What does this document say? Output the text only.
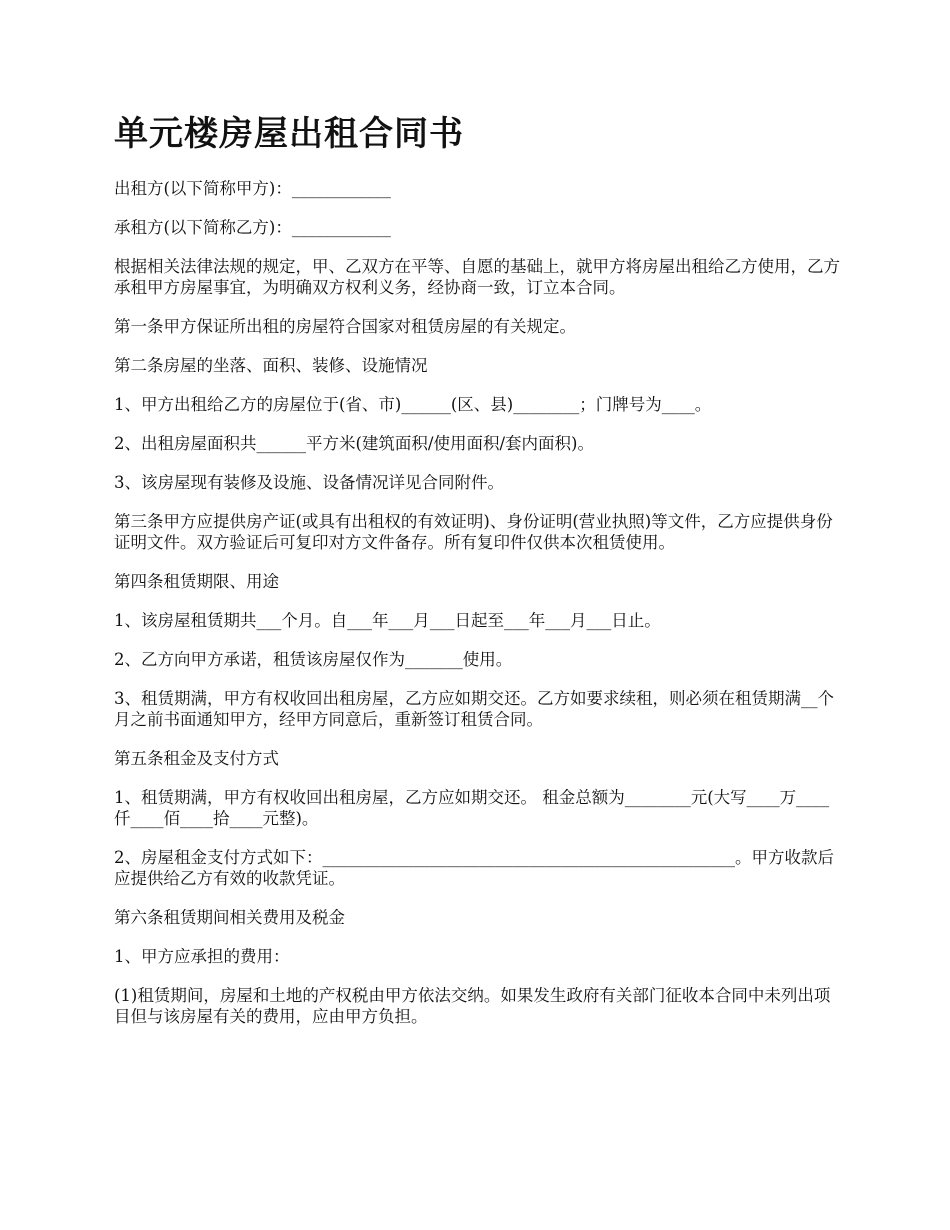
单元楼房屋出租合同书

出租方(以下简称甲方)：____________

承租方(以下简称乙方)：____________

根据相关法律法规的规定，甲、乙双方在平等、自愿的基础上，就甲方将房屋出租给乙方使用，乙方承租甲方房屋事宜，为明确双方权利义务，经协商一致，订立本合同。

第一条甲方保证所出租的房屋符合国家对租赁房屋的有关规定。

第二条房屋的坐落、面积、装修、设施情况

1、甲方出租给乙方的房屋位于(省、市)______(区、县)________；门牌号为____。

2、出租房屋面积共______平方米(建筑面积/使用面积/套内面积)。

3、该房屋现有装修及设施、设备情况详见合同附件。

第三条甲方应提供房产证(或具有出租权的有效证明)、身份证明(营业执照)等文件，乙方应提供身份证明文件。双方验证后可复印对方文件备存。所有复印件仅供本次租赁使用。

第四条租赁期限、用途

1、该房屋租赁期共___个月。自___年___月___日起至___年___月___日止。

2、乙方向甲方承诺，租赁该房屋仅作为_______使用。

3、租赁期满，甲方有权收回出租房屋，乙方应如期交还。乙方如要求续租，则必须在租赁期满__个月之前书面通知甲方，经甲方同意后，重新签订租赁合同。

第五条租金及支付方式

1、租赁期满，甲方有权收回出租房屋，乙方应如期交还。 租金总额为________元(大写____万____仟____佰____拾____元整)。

2、房屋租金支付方式如下：__________________________________________________。甲方收款后应提供给乙方有效的收款凭证。

第六条租赁期间相关费用及税金

1、甲方应承担的费用：

(1)租赁期间，房屋和土地的产权税由甲方依法交纳。如果发生政府有关部门征收本合同中未列出项目但与该房屋有关的费用，应由甲方负担。
